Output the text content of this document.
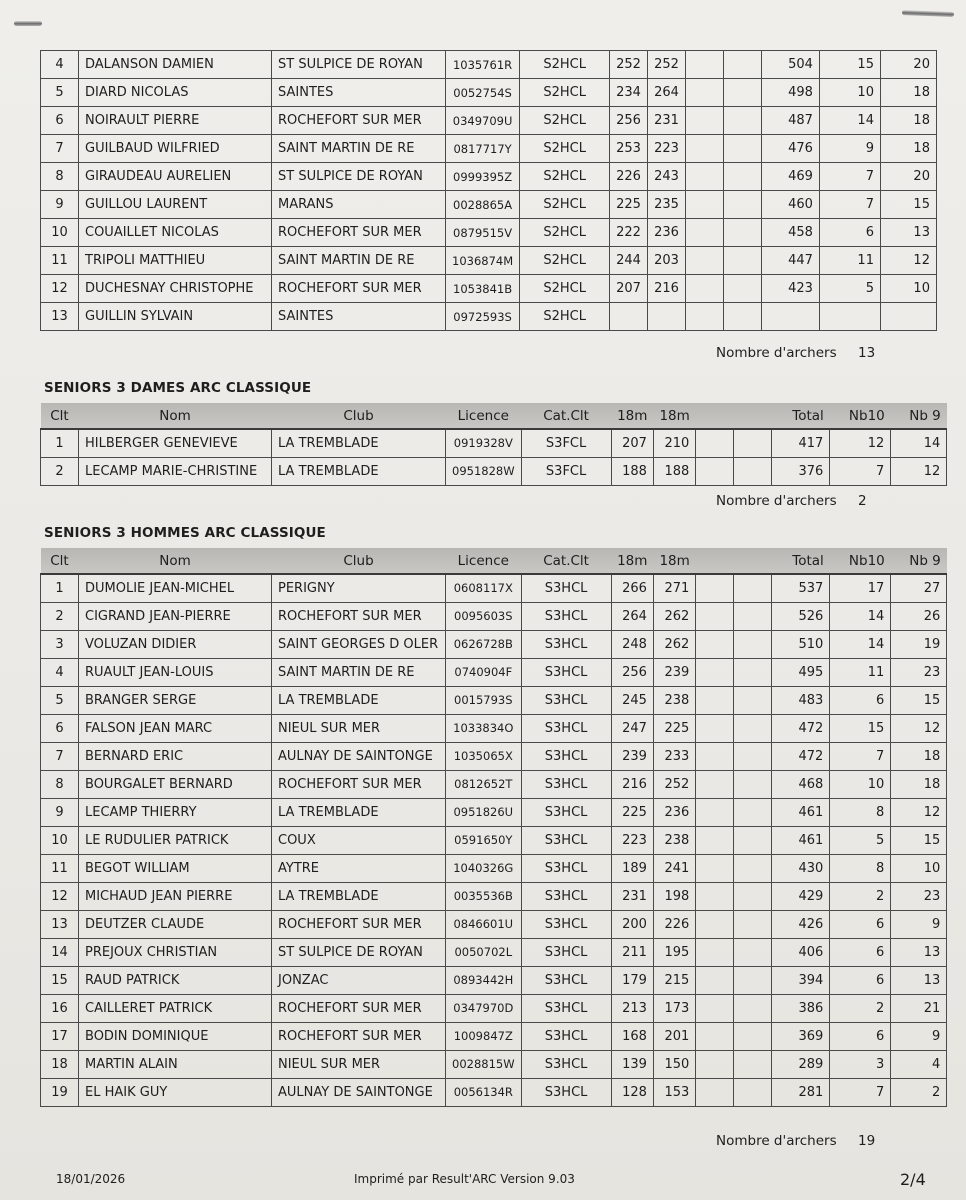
4	DALANSON DAMIEN	ST SULPICE DE ROYAN	1035761R	S2HCL	252	252			504	15	20
5	DIARD NICOLAS	SAINTES	0052754S	S2HCL	234	264			498	10	18
6	NOIRAULT PIERRE	ROCHEFORT SUR MER	0349709U	S2HCL	256	231			487	14	18
7	GUILBAUD WILFRIED	SAINT MARTIN DE RE	0817717Y	S2HCL	253	223			476	9	18
8	GIRAUDEAU AURELIEN	ST SULPICE DE ROYAN	0999395Z	S2HCL	226	243			469	7	20
9	GUILLOU LAURENT	MARANS	0028865A	S2HCL	225	235			460	7	15
10	COUAILLET NICOLAS	ROCHEFORT SUR MER	0879515V	S2HCL	222	236			458	6	13
11	TRIPOLI MATTHIEU	SAINT MARTIN DE RE	1036874M	S2HCL	244	203			447	11	12
12	DUCHESNAY CHRISTOPHE	ROCHEFORT SUR MER	1053841B	S2HCL	207	216			423	5	10
13	GUILLIN SYLVAIN	SAINTES	0972593S	S2HCL							
Nombre d'archers 13
SENIORS 3 DAMES ARC CLASSIQUE
Clt	Nom	Club	Licence	Cat.Clt	18m	18m			Total	Nb10	Nb 9
1	HILBERGER GENEVIEVE	LA TREMBLADE	0919328V	S3FCL	207	210			417	12	14
2	LECAMP MARIE-CHRISTINE	LA TREMBLADE	0951828W	S3FCL	188	188			376	7	12
Nombre d'archers 2
SENIORS 3 HOMMES ARC CLASSIQUE
Clt	Nom	Club	Licence	Cat.Clt	18m	18m			Total	Nb10	Nb 9
1	DUMOLIE JEAN-MICHEL	PERIGNY	0608117X	S3HCL	266	271			537	17	27
2	CIGRAND JEAN-PIERRE	ROCHEFORT SUR MER	0095603S	S3HCL	264	262			526	14	26
3	VOLUZAN DIDIER	SAINT GEORGES D OLER	0626728B	S3HCL	248	262			510	14	19
4	RUAULT JEAN-LOUIS	SAINT MARTIN DE RE	0740904F	S3HCL	256	239			495	11	23
5	BRANGER SERGE	LA TREMBLADE	0015793S	S3HCL	245	238			483	6	15
6	FALSON JEAN MARC	NIEUL SUR MER	1033834O	S3HCL	247	225			472	15	12
7	BERNARD ERIC	AULNAY DE SAINTONGE	1035065X	S3HCL	239	233			472	7	18
8	BOURGALET BERNARD	ROCHEFORT SUR MER	0812652T	S3HCL	216	252			468	10	18
9	LECAMP THIERRY	LA TREMBLADE	0951826U	S3HCL	225	236			461	8	12
10	LE RUDULIER PATRICK	COUX	0591650Y	S3HCL	223	238			461	5	15
11	BEGOT WILLIAM	AYTRE	1040326G	S3HCL	189	241			430	8	10
12	MICHAUD JEAN PIERRE	LA TREMBLADE	0035536B	S3HCL	231	198			429	2	23
13	DEUTZER CLAUDE	ROCHEFORT SUR MER	0846601U	S3HCL	200	226			426	6	9
14	PREJOUX CHRISTIAN	ST SULPICE DE ROYAN	0050702L	S3HCL	211	195			406	6	13
15	RAUD PATRICK	JONZAC	0893442H	S3HCL	179	215			394	6	13
16	CAILLERET PATRICK	ROCHEFORT SUR MER	0347970D	S3HCL	213	173			386	2	21
17	BODIN DOMINIQUE	ROCHEFORT SUR MER	1009847Z	S3HCL	168	201			369	6	9
18	MARTIN ALAIN	NIEUL SUR MER	0028815W	S3HCL	139	150			289	3	4
19	EL HAIK GUY	AULNAY DE SAINTONGE	0056134R	S3HCL	128	153			281	7	2
Nombre d'archers 19
18/01/2026	Imprimé par Result'ARC Version 9.03	2/4
